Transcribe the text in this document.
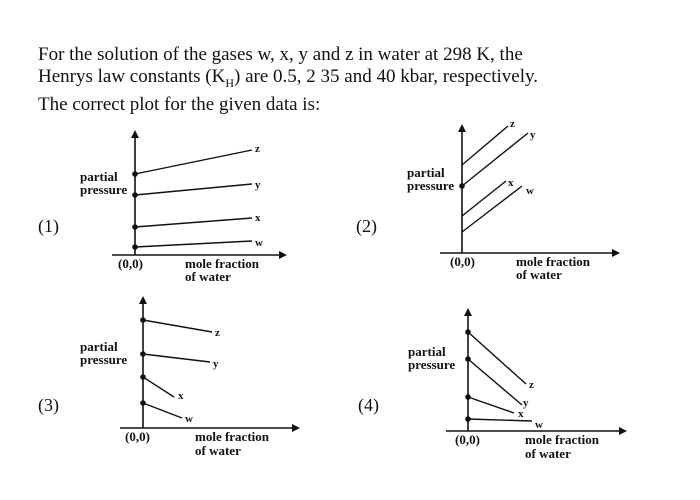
For the solution of the gases w, x, y and z in water at 298 K, the
Henrys law constants $(K_H)$ are 0.5, 2 35 and 40 kbar, respectively.
The correct plot for the given data is:
(1)	(2)
(3)	(4)
z
y
x
w
partial
pressure
(0,0)	mole fraction
of water
z
y
x
w
partial
pressure
(0,0)	mole fraction
of water
z
y
x
w
partial
pressure
(0,0)	mole fraction
of water
z
y
x
w
partial
pressure
(0,0)	mole fraction
of water
